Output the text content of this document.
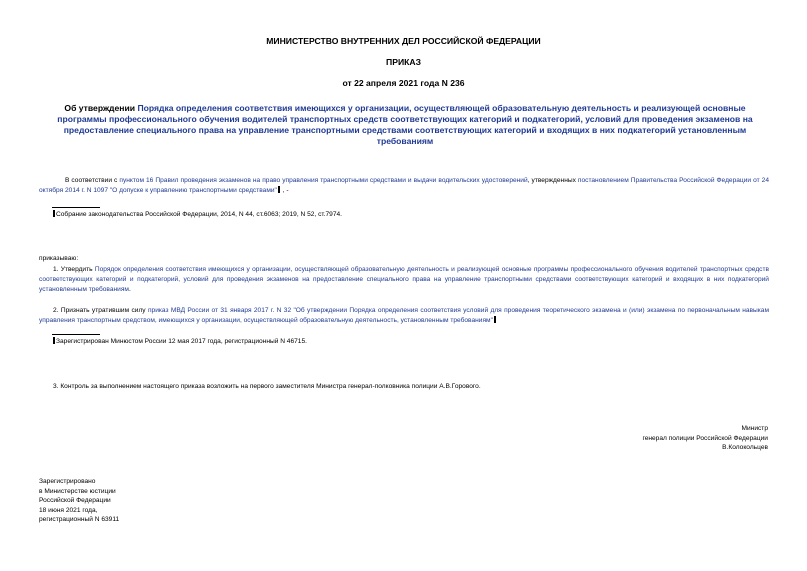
МИНИСТЕРСТВО ВНУТРЕННИХ ДЕЛ РОССИЙСКОЙ ФЕДЕРАЦИИ
ПРИКАЗ
от 22 апреля 2021 года N 236
Об утверждении Порядка определения соответствия имеющихся у организации, осуществляющей образовательную деятельность и реализующей основные программы профессионального обучения водителей транспортных средств соответствующих категорий и подкатегорий, условий для проведения экзаменов на предоставление специального права на управление транспортными средствами соответствующих категорий и входящих в них подкатегорий установленным требованиям
В соответствии с пунктом 16 Правил проведения экзаменов на право управления транспортными средствами и выдачи водительских удостоверений, утвержденных постановлением Правительства Российской Федерации от 24 октября 2014 г. N 1097 "О допуске к управлению транспортными средствами" , -
Собрание законодательства Российской Федерации, 2014, N 44, ст.6063; 2019, N 52, ст.7974.
приказываю:
1. Утвердить Порядок определения соответствия имеющихся у организации, осуществляющей образовательную деятельность и реализующей основные программы профессионального обучения водителей транспортных средств соответствующих категорий и подкатегорий, условий для проведения экзаменов на предоставление специального права на управление транспортными средствами соответствующих категорий и входящих в них подкатегорий установленным требованиям.
2. Признать утратившим силу приказ МВД России от 31 января 2017 г. N 32 "Об утверждении Порядка определения соответствия условий для проведения теоретического экзамена и (или) экзамена по первоначальным навыкам управления транспортным средством, имеющихся у организации, осуществляющей образовательную деятельность, установленным требованиям"
Зарегистрирован Минюстом России 12 мая 2017 года, регистрационный N 46715.
3. Контроль за выполнением настоящего приказа возложить на первого заместителя Министра генерал-полковника полиции А.В.Горового.
Министр
генерал полиции Российской Федерации
В.Колокольцев
Зарегистрировано
в Министерстве юстиции
Российской Федерации
18 июня 2021 года,
регистрационный N 63911
